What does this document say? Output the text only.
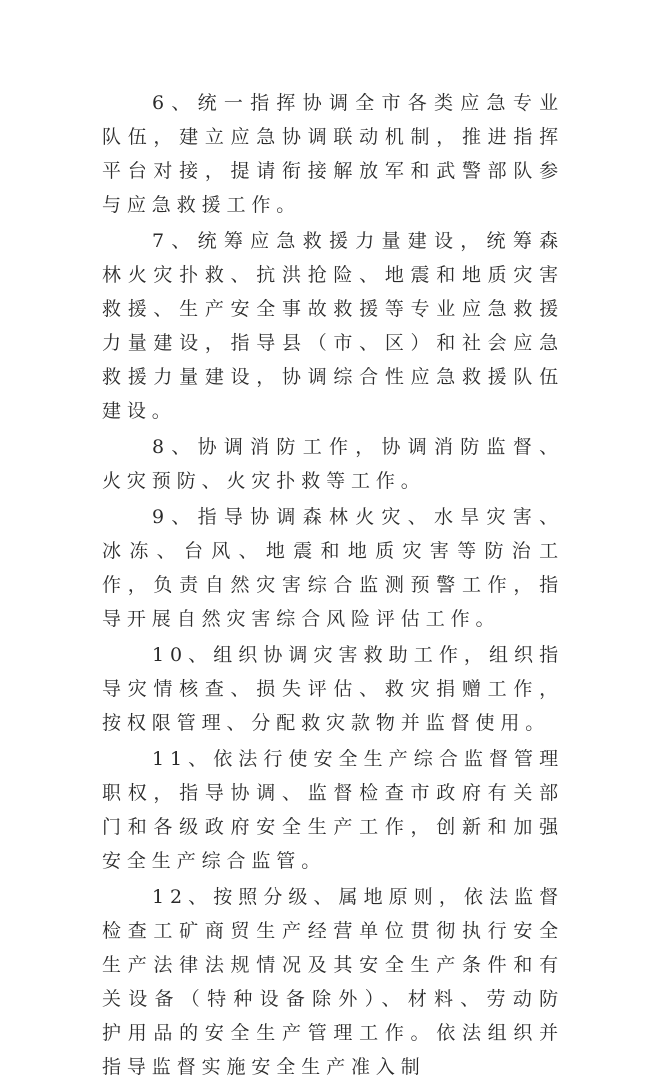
6、统一指挥协调全市各类应急专业队伍，建立应急协调联动机制，推进指挥平台对接，提请衔接解放军和武警部队参与应急救援工作。

7、统筹应急救援力量建设，统筹森林火灾扑救、抗洪抢险、地震和地质灾害救援、生产安全事故救援等专业应急救援力量建设，指导县（市、区）和社会应急救援力量建设，协调综合性应急救援队伍建设。

8、协调消防工作，协调消防监督、火灾预防、火灾扑救等工作。

9、指导协调森林火灾、水旱灾害、冰冻、台风、地震和地质灾害等防治工作，负责自然灾害综合监测预警工作，指导开展自然灾害综合风险评估工作。

10、组织协调灾害救助工作，组织指导灾情核查、损失评估、救灾捐赠工作，按权限管理、分配救灾款物并监督使用。

11、依法行使安全生产综合监督管理职权，指导协调、监督检查市政府有关部门和各级政府安全生产工作，创新和加强安全生产综合监管。

12、按照分级、属地原则，依法监督检查工矿商贸生产经营单位贯彻执行安全生产法律法规情况及其安全生产条件和有关设备（特种设备除外）、材料、劳动防护用品的安全生产管理工作。依法组织并指导监督实施安全生产准入制
